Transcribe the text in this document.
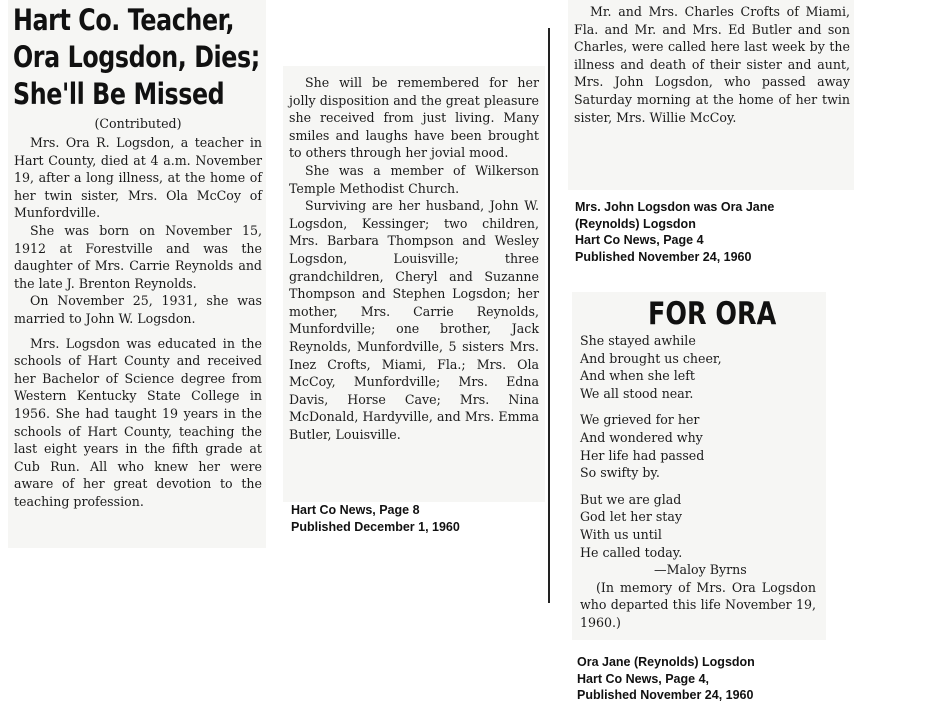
Hart Co. Teacher,
Ora Logsdon, Dies;
She'll Be Missed

(Contributed)

Mrs. Ora R. Logsdon, a teacher in Hart County, died at 4 a.m. November 19, after a long illness, at the home of her twin sister, Mrs. Ola McCoy of Munfordville.

She was born on November 15, 1912 at Forestville and was the daughter of Mrs. Carrie Reynolds and the late J. Brenton Reynolds.

On November 25, 1931, she was married to John W. Logsdon.

Mrs. Logsdon was educated in the schools of Hart County and received her Bachelor of Science degree from Western Kentucky State College in 1956. She had taught 19 years in the schools of Hart County, teaching the last eight years in the fifth grade at Cub Run. All who knew her were aware of her great devotion to the teaching profession.

She will be remembered for her jolly disposition and the great pleasure she received from just living. Many smiles and laughs have been brought to others through her jovial mood.

She was a member of Wilkerson Temple Methodist Church.

Surviving are her husband, John W. Logsdon, Kessinger; two children, Mrs. Barbara Thompson and Wesley Logsdon, Louisville; three grandchildren, Cheryl and Suzanne Thompson and Stephen Logsdon; her mother, Mrs. Carrie Reynolds, Munfordville; one brother, Jack Reynolds, Munfordville, 5 sisters Mrs. Inez Crofts, Miami, Fla.; Mrs. Ola McCoy, Munfordville; Mrs. Edna Davis, Horse Cave; Mrs. Nina McDonald, Hardyville, and Mrs. Emma Butler, Louisville.

Hart Co News, Page 8
Published December 1, 1960

Mr. and Mrs. Charles Crofts of Miami, Fla. and Mr. and Mrs. Ed Butler and son Charles, were called here last week by the illness and death of their sister and aunt, Mrs. John Logsdon, who passed away Saturday morning at the home of her twin sister, Mrs. Willie McCoy.

Mrs. John Logsdon was Ora Jane
(Reynolds) Logsdon
Hart Co News, Page 4
Published November 24, 1960
FOR ORA
She stayed awhile
And brought us cheer,
And when she left
We all stood near.
We grieved for her
And wondered why
Her life had passed
So swifty by.
But we are glad
God let her stay
With us until
He called today.
—Maloy Byrns

(In memory of Mrs. Ora Logsdon who departed this life November 19, 1960.)

Ora Jane (Reynolds) Logsdon
Hart Co News, Page 4,
Published November 24, 1960
